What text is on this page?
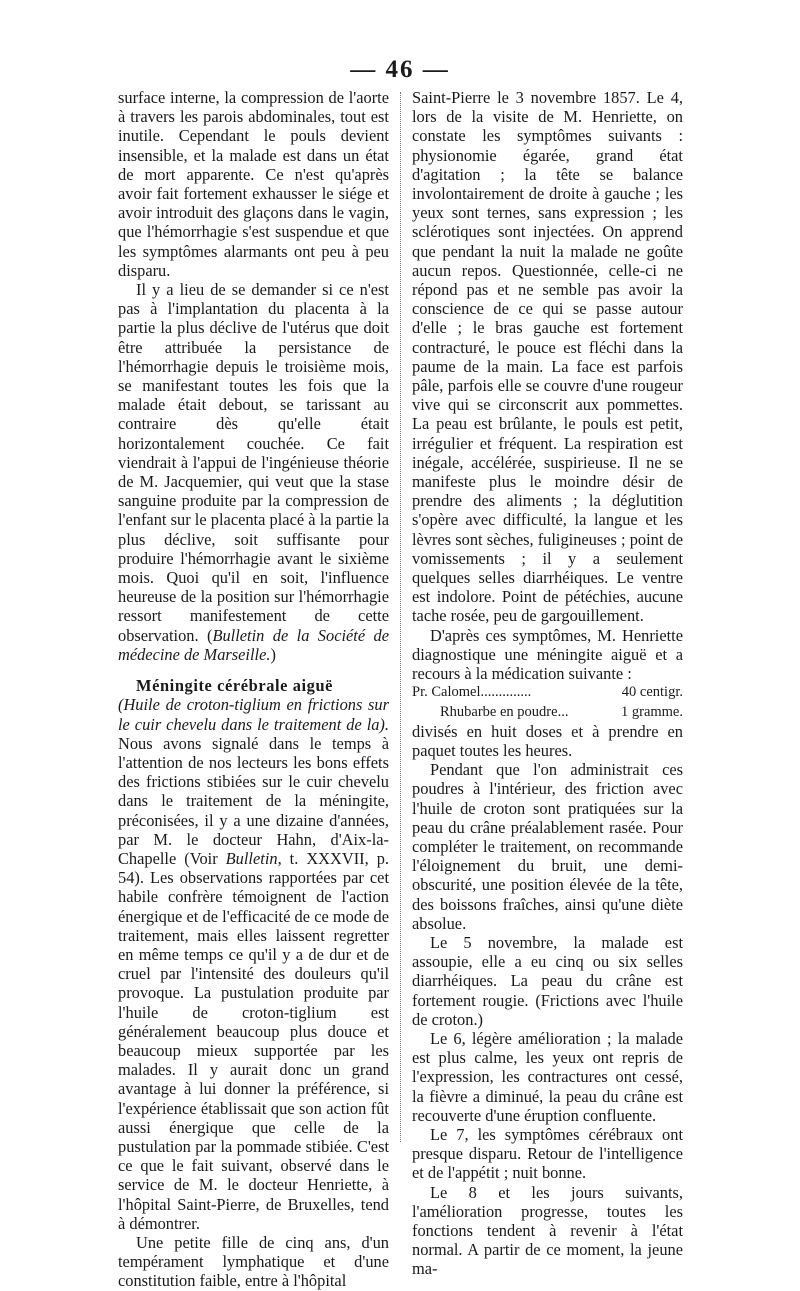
— 46 —

surface interne, la compression de l'aorte à travers les parois abdominales, tout est inutile. Cependant le pouls devient insensible, et la malade est dans un état de mort apparente. Ce n'est qu'après avoir fait fortement exhausser le siége et avoir introduit des glaçons dans le vagin, que l'hémorrhagie s'est suspendue et que les symptômes alarmants ont peu à peu disparu.

Il y a lieu de se demander si ce n'est pas à l'implantation du placenta à la partie la plus déclive de l'utérus que doit être attribuée la persistance de l'hémorrhagie depuis le troisième mois, se manifestant toutes les fois que la malade était debout, se tarissant au contraire dès qu'elle était horizontalement couchée. Ce fait viendrait à l'appui de l'ingénieuse théorie de M. Jacquemier, qui veut que la stase sanguine produite par la compression de l'enfant sur le placenta placé à la partie la plus déclive, soit suffisante pour produire l'hémorrhagie avant le sixième mois. Quoi qu'il en soit, l'influence heureuse de la position sur l'hémorrhagie ressort manifestement de cette observation. (Bulletin de la Société de médecine de Marseille.)

Méningite cérébrale aiguë
(Huile de croton-tiglium en frictions sur le cuir chevelu dans le traitement de la). Nous avons signalé dans le temps à l'attention de nos lecteurs les bons effets des frictions stibiées sur le cuir chevelu dans le traitement de la méningite, préconisées, il y a une dizaine d'années, par M. le docteur Hahn, d'Aix-la-Chapelle (Voir Bulletin, t. XXXVII, p. 54). Les observations rapportées par cet habile confrère témoignent de l'action énergique et de l'efficacité de ce mode de traitement, mais elles laissent regretter en même temps ce qu'il y a de dur et de cruel par l'intensité des douleurs qu'il provoque. La pustulation produite par l'huile de croton-tiglium est généralement beaucoup plus douce et beaucoup mieux supportée par les malades. Il y aurait donc un grand avantage à lui donner la préférence, si l'expérience établissait que son action fût aussi énergique que celle de la pustulation par la pommade stibiée. C'est ce que le fait suivant, observé dans le service de M. le docteur Henriette, à l'hôpital Saint-Pierre, de Bruxelles, tend à démontrer.

Une petite fille de cinq ans, d'un tempérament lymphatique et d'une constitution faible, entre à l'hôpital

Saint-Pierre le 3 novembre 1857. Le 4, lors de la visite de M. Henriette, on constate les symptômes suivants : physionomie égarée, grand état d'agitation ; la tête se balance involontairement de droite à gauche ; les yeux sont ternes, sans expression ; les sclérotiques sont injectées. On apprend que pendant la nuit la malade ne goûte aucun repos. Questionnée, celle-ci ne répond pas et ne semble pas avoir la conscience de ce qui se passe autour d'elle ; le bras gauche est fortement contracturé, le pouce est fléchi dans la paume de la main. La face est parfois pâle, parfois elle se couvre d'une rougeur vive qui se circonscrit aux pommettes. La peau est brûlante, le pouls est petit, irrégulier et fréquent. La respiration est inégale, accélérée, suspirieuse. Il ne se manifeste plus le moindre désir de prendre des aliments ; la déglutition s'opère avec difficulté, la langue et les lèvres sont sèches, fuligineuses ; point de vomissements ; il y a seulement quelques selles diarrhéiques. Le ventre est indolore. Point de pétéchies, aucune tache rosée, peu de gargouillement.

D'après ces symptômes, M. Henriette diagnostique une méningite aiguë et a recours à la médication suivante :

Pr. Calomel..............	40 centigr.
Rhubarbe en poudre...	1 gramme.

divisés en huit doses et à prendre en paquet toutes les heures.

Pendant que l'on administrait ces poudres à l'intérieur, des friction avec l'huile de croton sont pratiquées sur la peau du crâne préalablement rasée. Pour compléter le traitement, on recommande l'éloignement du bruit, une demi-obscurité, une position élevée de la tête, des boissons fraîches, ainsi qu'une diète absolue.

Le 5 novembre, la malade est assoupie, elle a eu cinq ou six selles diarrhéiques. La peau du crâne est fortement rougie. (Frictions avec l'huile de croton.)

Le 6, légère amélioration ; la malade est plus calme, les yeux ont repris de l'expression, les contractures ont cessé, la fièvre a diminué, la peau du crâne est recouverte d'une éruption confluente.

Le 7, les symptômes cérébraux ont presque disparu. Retour de l'intelligence et de l'appétit ; nuit bonne.

Le 8 et les jours suivants, l'amélioration progresse, toutes les fonctions tendent à revenir à l'état normal. A partir de ce moment, la jeune ma-
